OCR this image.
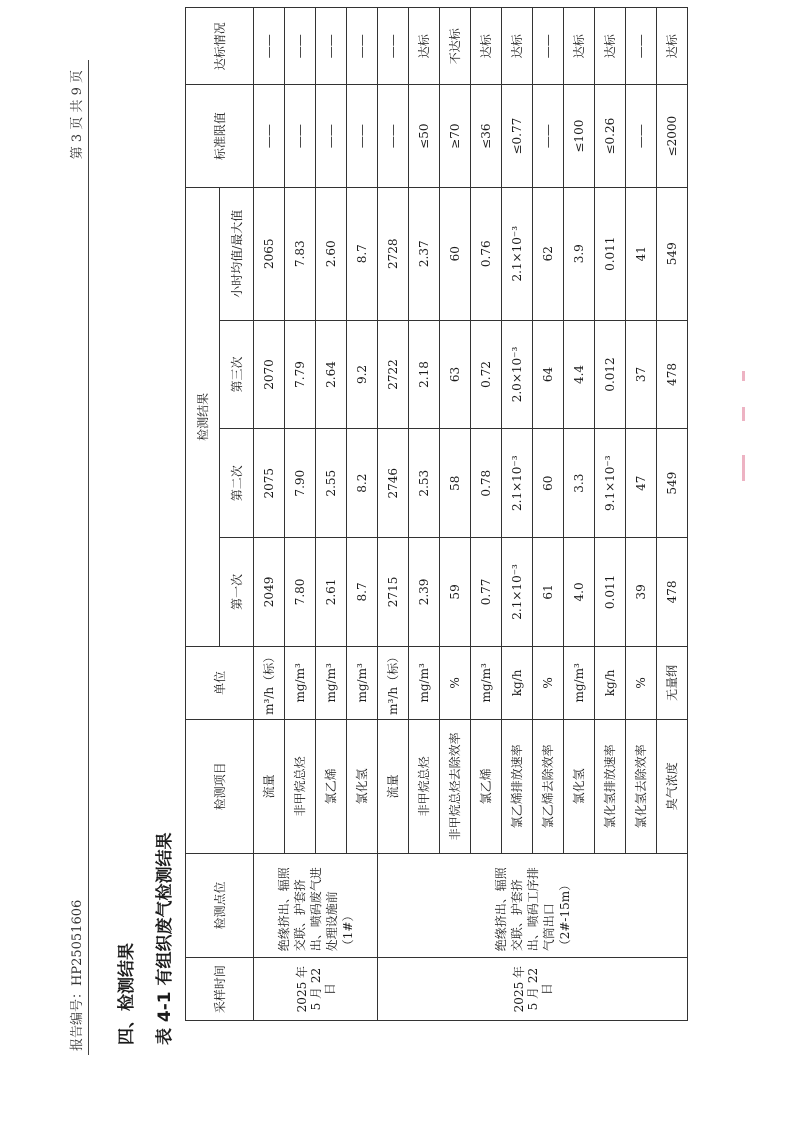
报告编号：HP25051606
第 3 页 共 9 页
四、检测结果 表 4-1 有组织废气检测结果	采样时间	检测点位	检测项目	单位	检测结果				标准限值	达标情况
				第一次	第二次	第三次	小时均值/最大值		
2025 年 5 月 22 日	绝缘挤出、辐照交联、护套挤出、喷码废气进处理设施前（1#）	流量	m³/h（标）	2049	2075	2070	2065	——	——
		非甲烷总烃	mg/m³	7.80	7.90	7.79	7.83	——	——
		氯乙烯	mg/m³	2.61	2.55	2.64	2.60	——	——
		氯化氢	mg/m³	8.7	8.2	9.2	8.7	——	——
2025 年 5 月 22 日	绝缘挤出、辐照交联、护套挤出、喷码工序排气筒出口（2#-15m）	流量	m³/h（标）	2715	2746	2722	2728	——	——
		非甲烷总烃	mg/m³	2.39	2.53	2.18	2.37	≤50	达标
		非甲烷总烃去除效率	%	59	58	63	60	≥70	不达标
		氯乙烯	mg/m³	0.77	0.78	0.72	0.76	≤36	达标
		氯乙烯排放速率	kg/h	2.1×10⁻³	2.1×10⁻³	2.0×10⁻³	2.1×10⁻³	≤0.77	达标
		氯乙烯去除效率	%	61	60	64	62	——	——
		氯化氢	mg/m³	4.0	3.3	4.4	3.9	≤100	达标
		氯化氢排放速率	kg/h	0.011	9.1×10⁻³	0.012	0.011	≤0.26	达标
		氯化氢去除效率	%	39	47	37	41	——	——
		臭气浓度	无量纲	478	549	478	549	≤2000	达标
